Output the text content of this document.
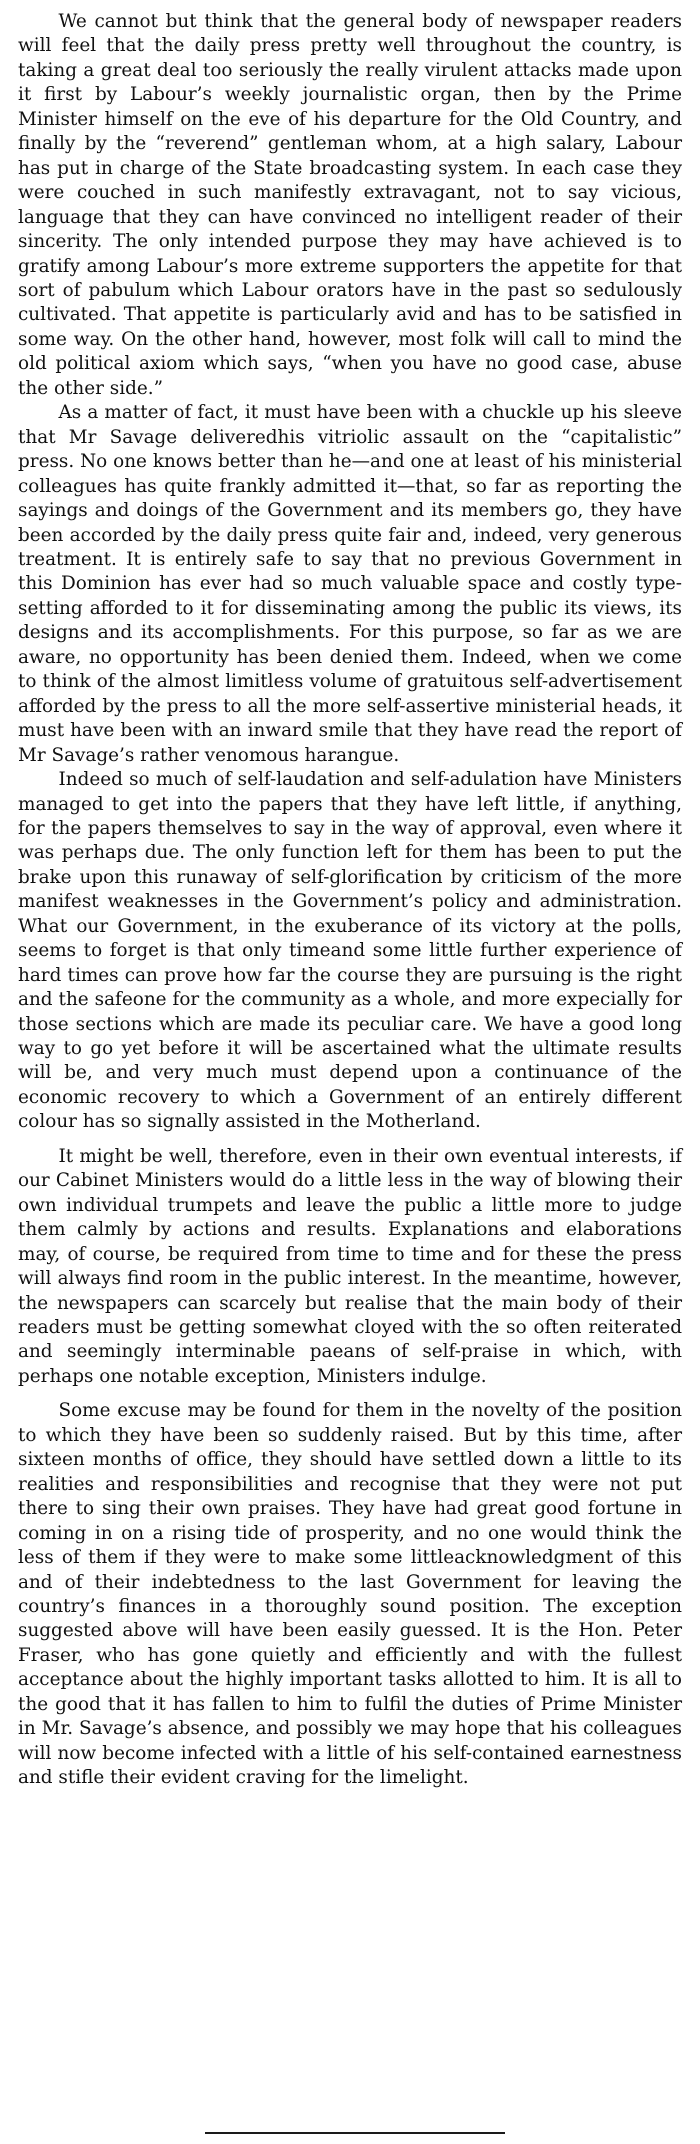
We cannot but think that the general body of newspaper readers will feel that the daily press pretty well throughout the country, is taking a great deal too seriously the really virulent attacks made upon it first by Labour’s weekly journalistic organ, then by the Prime Minister himself on the eve of his departure for the Old Country, and finally by the “reverend” gentleman whom, at a high salary, Labour has put in charge of the State broadcasting system. In each case they were couched in such manifestly extravagant, not to say vicious, language that they can have convinced no intelligent reader of their sincerity. The only intended purpose they may have achieved is to gratify among Labour’s more extreme supporters the appetite for that sort of pabulum which Labour orators have in the past so sedulously cultivated. That appetite is particularly avid and has to be satisfied in some way. On the other hand, however, most folk will call to mind the old political axiom which says, “when you have no good case, abuse the other side.”

As a matter of fact, it must have been with a chuckle up his sleeve that Mr Savage deliveredhis vitriolic assault on the “capitalistic” press. No one knows better than he—and one at least of his ministerial colleagues has quite frankly admitted it—that, so far as reporting the sayings and doings of the Government and its members go, they have been accorded by the daily press quite fair and, indeed, very generous treatment. It is entirely safe to say that no previous Government in this Dominion has ever had so much valuable space and costly type-setting afforded to it for disseminating among the public its views, its designs and its accomplishments. For this purpose, so far as we are aware, no opportunity has been denied them. Indeed, when we come to think of the almost limitless volume of gratuitous self-advertisement afforded by the press to all the more self-assertive ministerial heads, it must have been with an inward smile that they have read the report of Mr Savage’s rather venomous harangue.

Indeed so much of self-laudation and self-adulation have Ministers managed to get into the papers that they have left little, if anything, for the papers themselves to say in the way of approval, even where it was perhaps due. The only function left for them has been to put the brake upon this runaway of self-glorification by criticism of the more manifest weaknesses in the Government’s policy and administration. What our Government, in the exuberance of its victory at the polls, seems to forget is that only timeand some little further experience of hard times can prove how far the course they are pursuing is the right and the safeone for the community as a whole, and more expecially for those sections which are made its peculiar care. We have a good long way to go yet before it will be ascertained what the ultimate results will be, and very much must depend upon a continuance of the economic recovery to which a Government of an entirely different colour has so signally assisted in the Motherland.

It might be well, therefore, even in their own eventual interests, if our Cabinet Ministers would do a little less in the way of blowing their own individual trumpets and leave the public a little more to judge them calmly by actions and results. Explanations and elaborations may, of course, be required from time to time and for these the press will always find room in the public interest. In the meantime, however, the newspapers can scarcely but realise that the main body of their readers must be getting somewhat cloyed with the so often reiterated and seemingly interminable paeans of self-praise in which, with perhaps one notable exception, Ministers indulge.

Some excuse may be found for them in the novelty of the position to which they have been so suddenly raised. But by this time, after sixteen months of office, they should have settled down a little to its realities and responsibilities and recognise that they were not put there to sing their own praises. They have had great good fortune in coming in on a rising tide of prosperity, and no one would think the less of them if they were to make some littleacknowledgment of this and of their indebtedness to the last Government for leaving the country’s finances in a thoroughly sound position. The exception suggested above will have been easily guessed. It is the Hon. Peter Fraser, who has gone quietly and efficiently and with the fullest acceptance about the highly important tasks allotted to him. It is all to the good that it has fallen to him to fulfil the duties of Prime Minister in Mr. Savage’s absence, and possibly we may hope that his colleagues will now become infected with a little of his self-contained earnestness and stifle their evident craving for the limelight.
